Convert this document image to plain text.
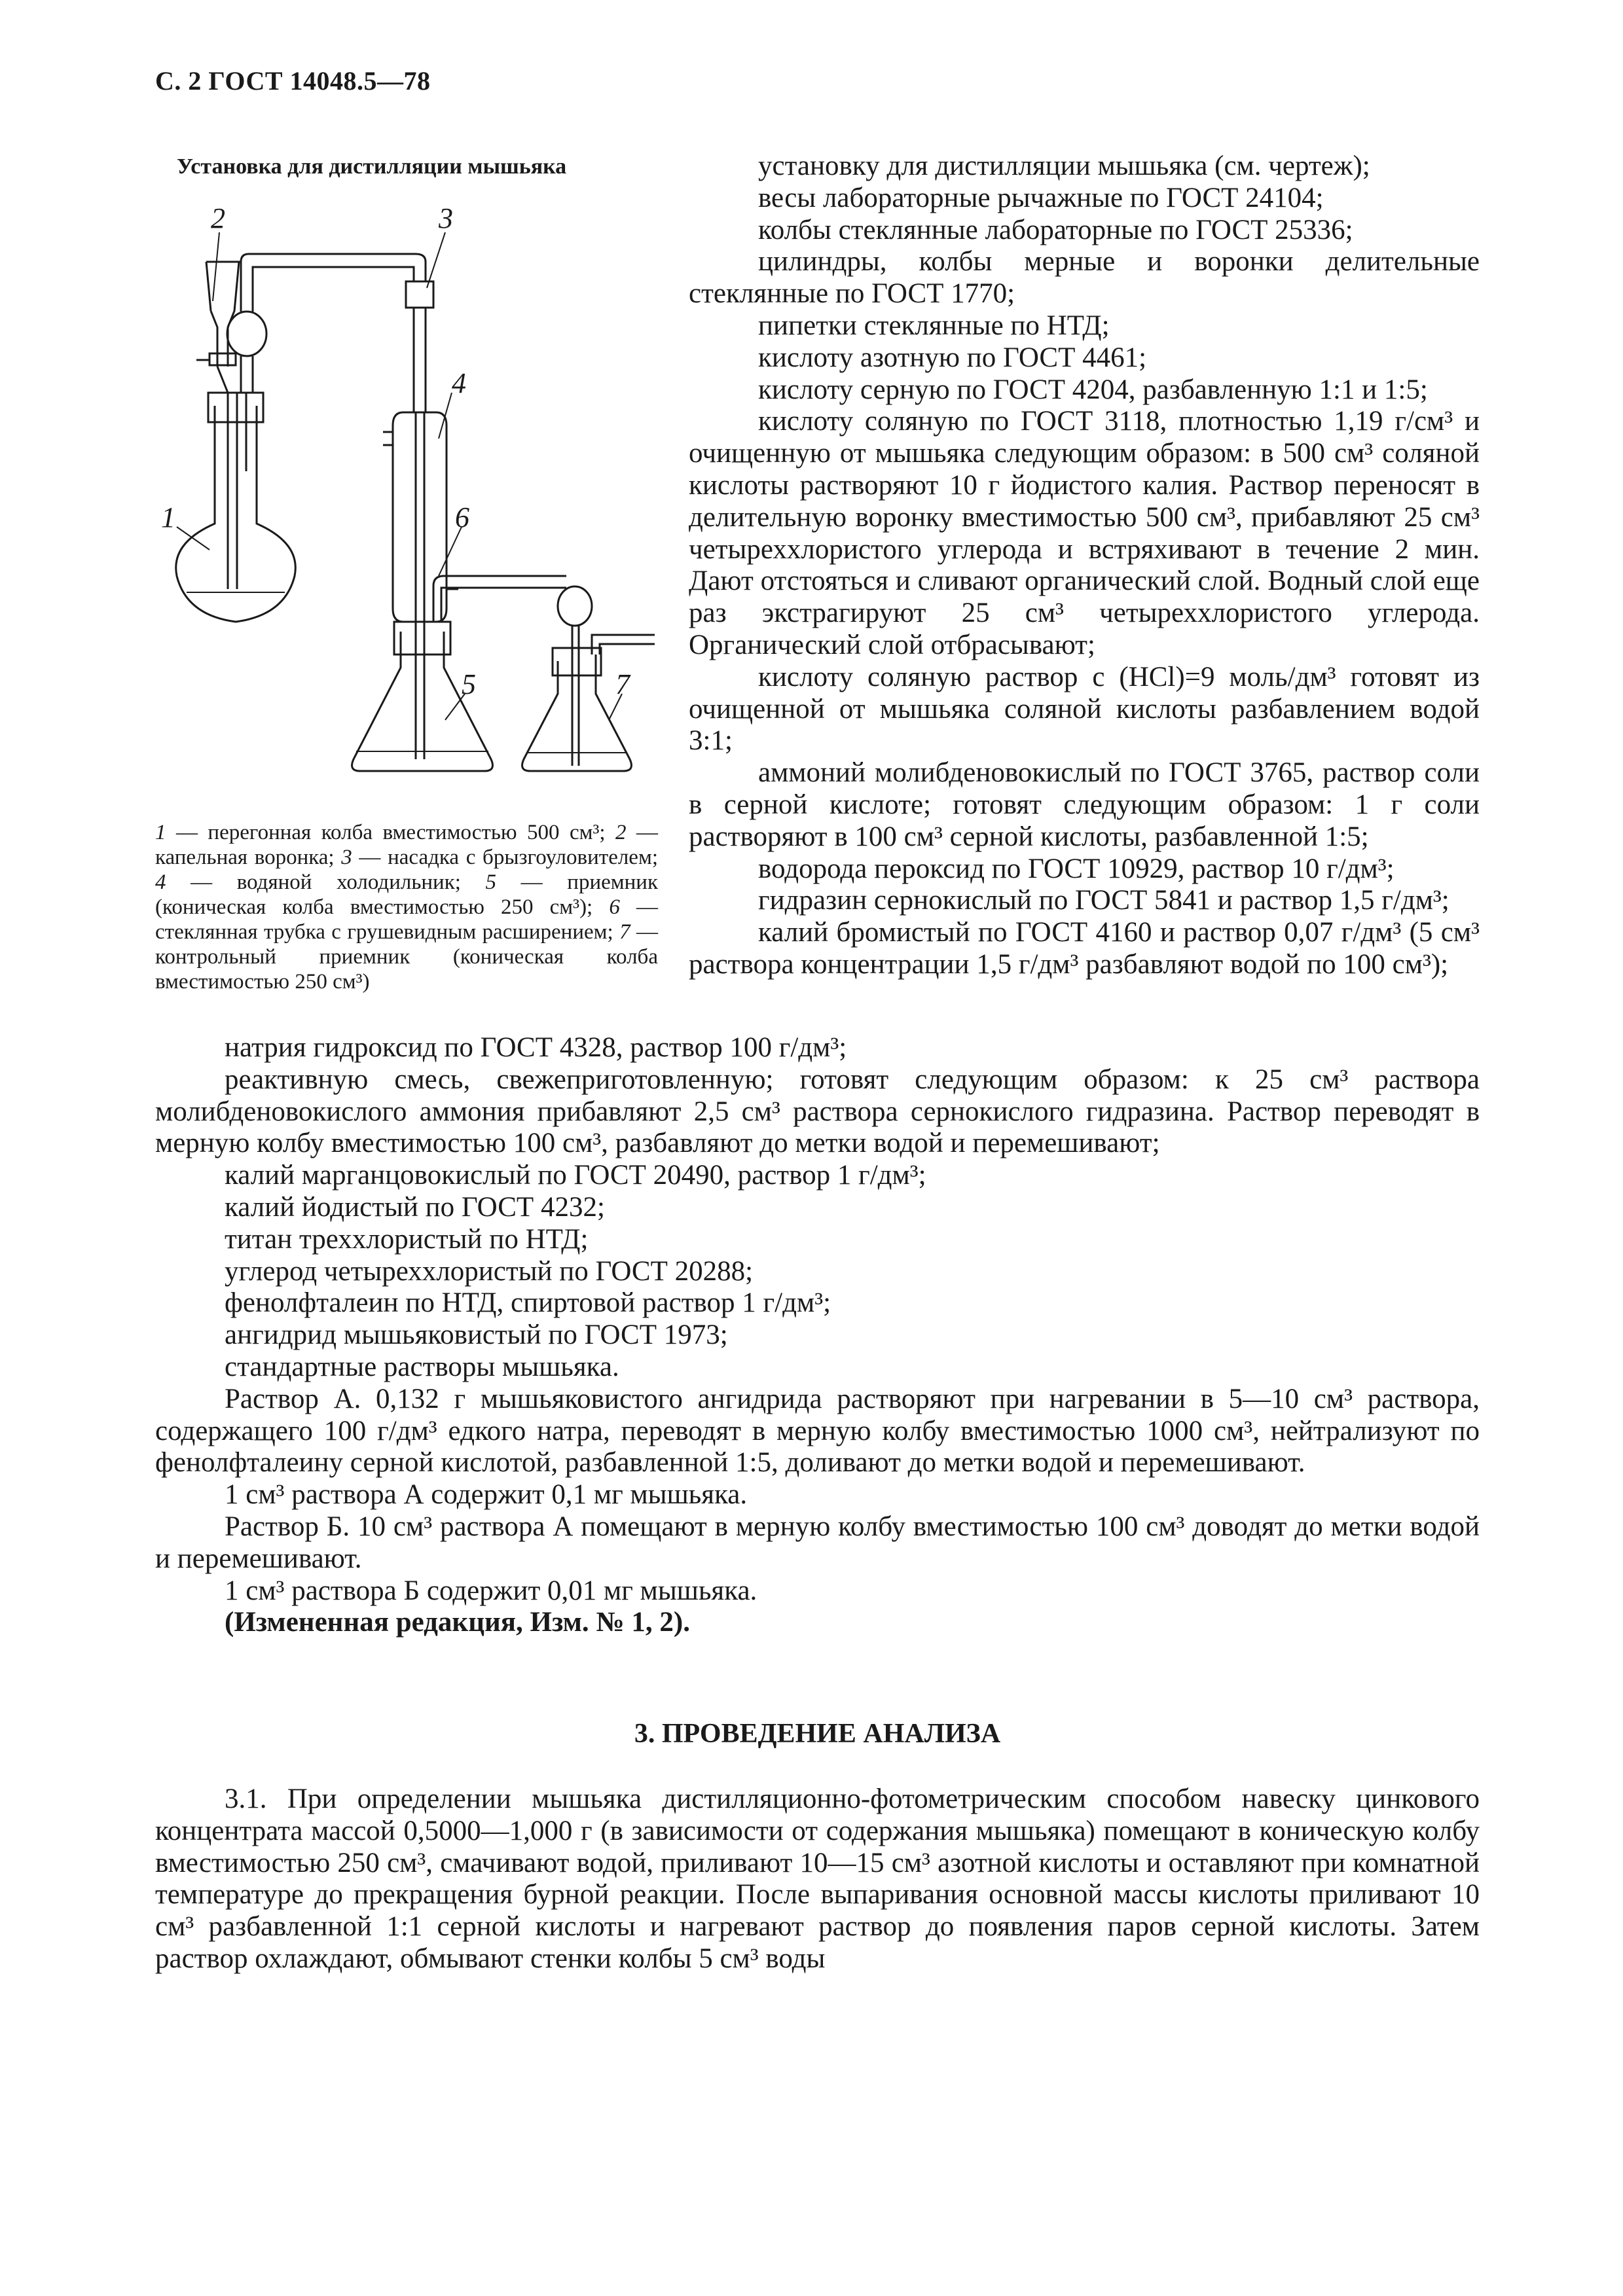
С. 2 ГОСТ 14048.5—78
Установка для дистилляции мышьяка
1
2	3
4
6
5	7
1 — перегонная колба вместимостью 500 см³; 2 — капельная воронка; 3 — насадка с брызгоуловителем; 4 — водяной холодильник; 5 — приемник (коническая колба вместимостью 250 см³); 6 — стеклянная трубка с грушевидным расширением; 7 — контрольный приемник (коническая колба вместимостью 250 см³)

установку для дистилляции мышьяка (см. чертеж);

весы лабораторные рычажные по ГОСТ 24104;

колбы стеклянные лабораторные по ГОСТ 25336;

цилиндры, колбы мерные и воронки делительные стеклянные по ГОСТ 1770;

пипетки стеклянные по НТД;

кислоту азотную по ГОСТ 4461;

кислоту серную по ГОСТ 4204, разбавленную 1:1 и 1:5;

кислоту соляную по ГОСТ 3118, плотностью 1,19 г/см³ и очищенную от мышьяка следующим образом: в 500 см³ соляной кислоты растворяют 10 г йодистого калия. Раствор переносят в делительную воронку вместимостью 500 см³, прибавляют 25 см³ четыреххлористого углерода и встряхивают в течение 2 мин. Дают отстояться и сливают органический слой. Водный слой еще раз экстрагируют 25 см³ четыреххлористого углерода. Органический слой отбрасывают;

кислоту соляную раствор c (HCl)=9 моль/дм³ готовят из очищенной от мышьяка соляной кислоты разбавлением водой 3:1;

аммоний молибденовокислый по ГОСТ 3765, раствор соли в серной кислоте; готовят следующим образом: 1 г соли растворяют в 100 см³ серной кислоты, разбавленной 1:5;

водорода пероксид по ГОСТ 10929, раствор 10 г/дм³;

гидразин сернокислый по ГОСТ 5841 и раствор 1,5 г/дм³;

калий бромистый по ГОСТ 4160 и раствор 0,07 г/дм³ (5 см³ раствора концентрации 1,5 г/дм³ разбавляют водой по 100 см³);

натрия гидроксид по ГОСТ 4328, раствор 100 г/дм³;

реактивную смесь, свежеприготовленную; готовят следующим образом: к 25 см³ раствора молибденовокислого аммония прибавляют 2,5 см³ раствора сернокислого гидразина. Раствор переводят в мерную колбу вместимостью 100 см³, разбавляют до метки водой и перемешивают;

калий марганцовокислый по ГОСТ 20490, раствор 1 г/дм³;

калий йодистый по ГОСТ 4232;

титан треххлористый по НТД;

углерод четыреххлористый по ГОСТ 20288;

фенолфталеин по НТД, спиртовой раствор 1 г/дм³;

ангидрид мышьяковистый по ГОСТ 1973;

стандартные растворы мышьяка.

Раствор А. 0,132 г мышьяковистого ангидрида растворяют при нагревании в 5—10 см³ раствора, содержащего 100 г/дм³ едкого натра, переводят в мерную колбу вместимостью 1000 см³, нейтрализуют по фенолфталеину серной кислотой, разбавленной 1:5, доливают до метки водой и перемешивают.

1 см³ раствора А содержит 0,1 мг мышьяка.

Раствор Б. 10 см³ раствора А помещают в мерную колбу вместимостью 100 см³ доводят до метки водой и перемешивают.

1 см³ раствора Б содержит 0,01 мг мышьяка.

(Измененная редакция, Изм. № 1, 2).

3. ПРОВЕДЕНИЕ АНАЛИЗА

3.1. При определении мышьяка дистилляционно-фотометрическим способом навеску цинкового концентрата массой 0,5000—1,000 г (в зависимости от содержания мышьяка) помещают в коническую колбу вместимостью 250 см³, смачивают водой, приливают 10—15 см³ азотной кислоты и оставляют при комнатной температуре до прекращения бурной реакции. После выпаривания основной массы кислоты приливают 10 см³ разбавленной 1:1 серной кислоты и нагревают раствор до появления паров серной кислоты. Затем раствор охлаждают, обмывают стенки колбы 5 см³ воды
